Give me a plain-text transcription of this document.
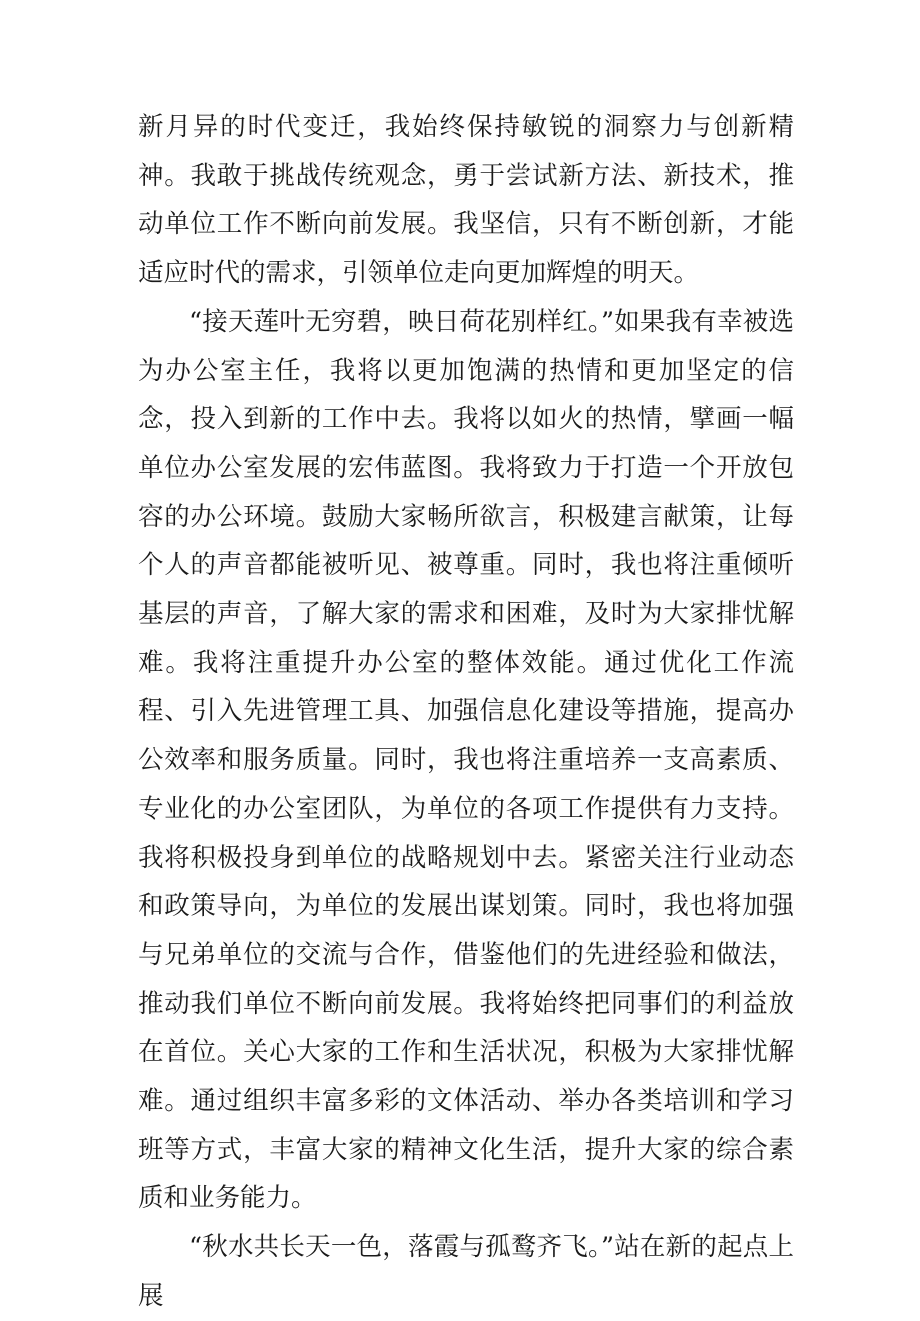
新月异的时代变迁，我始终保持敏锐的洞察力与创新精神。我敢于挑战传统观念，勇于尝试新方法、新技术，推动单位工作不断向前发展。我坚信，只有不断创新，才能适应时代的需求，引领单位走向更加辉煌的明天。

“接天莲叶无穷碧，映日荷花别样红。”如果我有幸被选为办公室主任，我将以更加饱满的热情和更加坚定的信念，投入到新的工作中去。我将以如火的热情，擘画一幅单位办公室发展的宏伟蓝图。我将致力于打造一个开放包容的办公环境。鼓励大家畅所欲言，积极建言献策，让每个人的声音都能被听见、被尊重。同时，我也将注重倾听基层的声音，了解大家的需求和困难，及时为大家排忧解难。我将注重提升办公室的整体效能。通过优化工作流程、引入先进管理工具、加强信息化建设等措施，提高办公效率和服务质量。同时，我也将注重培养一支高素质、专业化的办公室团队，为单位的各项工作提供有力支持。我将积极投身到单位的战略规划中去。紧密关注行业动态和政策导向，为单位的发展出谋划策。同时，我也将加强与兄弟单位的交流与合作，借鉴他们的先进经验和做法，推动我们单位不断向前发展。我将始终把同事们的利益放在首位。关心大家的工作和生活状况，积极为大家排忧解难。通过组织丰富多彩的文体活动、举办各类培训和学习班等方式，丰富大家的精神文化生活，提升大家的综合素质和业务能力。

“秋水共长天一色，落霞与孤鹜齐飞。”站在新的起点上展
